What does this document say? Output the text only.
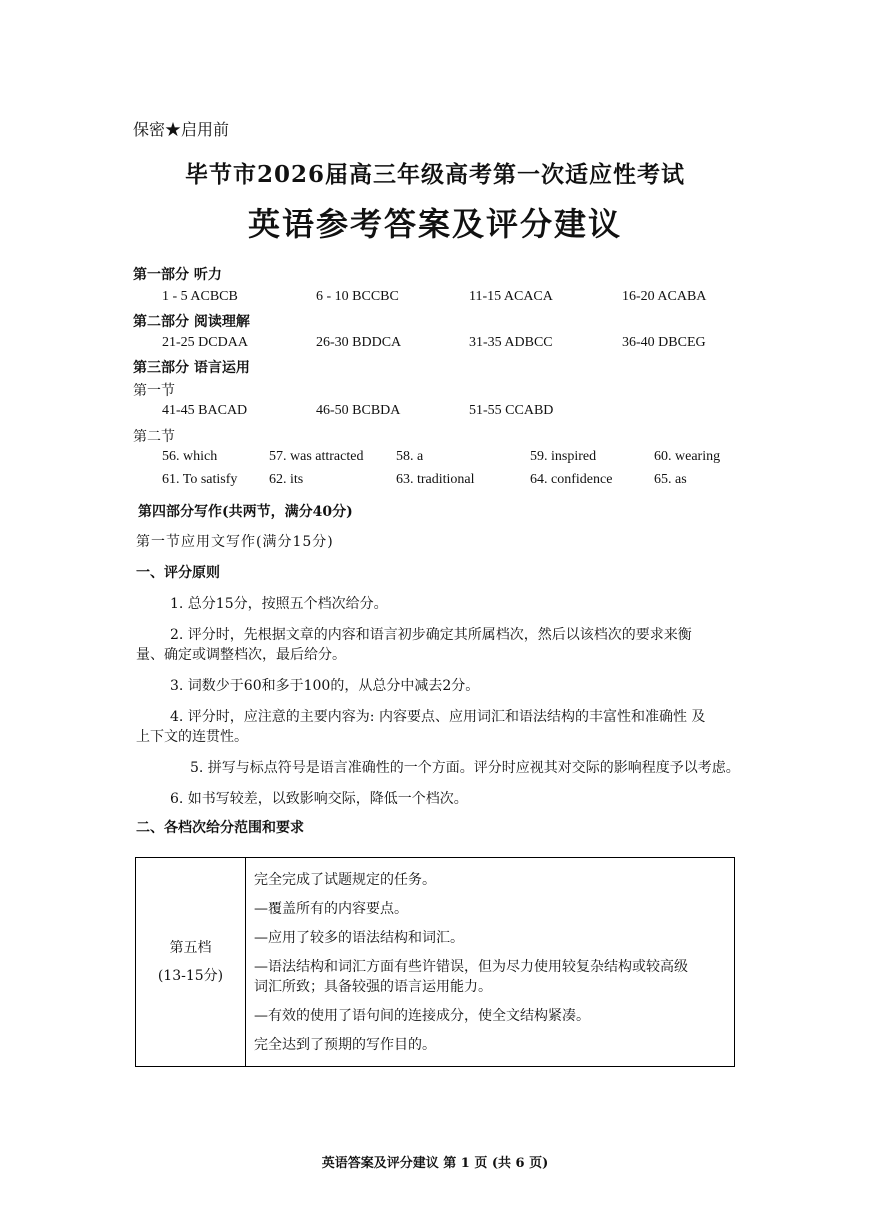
保密★启用前
毕节市2026届高三年级高考第一次适应性考试
英语参考答案及评分建议
第一部分 听力
1 - 5 ACBCB	6 - 10 BCCBC	11-15 ACACA	16-20 ACABA
第二部分 阅读理解
21-25 DCDAA	26-30 BDDCA	31-35 ADBCC	36-40 DBCEG
第三部分 语言运用
第一节
41-45 BACAD	46-50 BCBDA	51-55 CCABD
第二节
56. which	57. was attracted 58. a	59. inspired	60. wearing
61. To satisfy 62. its	63. traditional	64. confidence	65. as
第四部分写作(共两节，满分40分)
第一节应用文写作(满分15分)
一、评分原则
1. 总分15分，按照五个档次给分。
2. 评分时，先根据文章的内容和语言初步确定其所属档次，然后以该档次的要求来衡
量、确定或调整档次，最后给分。
3. 词数少于60和多于100的，从总分中减去2分。
4. 评分时，应注意的主要内容为: 内容要点、应用词汇和语法结构的丰富性和准确性 及
上下文的连贯性。
5. 拼写与标点符号是语言准确性的一个方面。评分时应视其对交际的影响程度予以考虑。
6. 如书写较差，以致影响交际，降低一个档次。
二、各档次给分范围和要求
第五档
(13-15分)

完全完成了试题规定的任务。

—覆盖所有的内容要点。

—应用了较多的语法结构和词汇。

—语法结构和词汇方面有些许错误，但为尽力使用较复杂结构或较高级
词汇所致；具备较强的语言运用能力。

—有效的使用了语句间的连接成分，使全文结构紧凑。

完全达到了预期的写作目的。

英语答案及评分建议 第 1 页 (共 6 页)
